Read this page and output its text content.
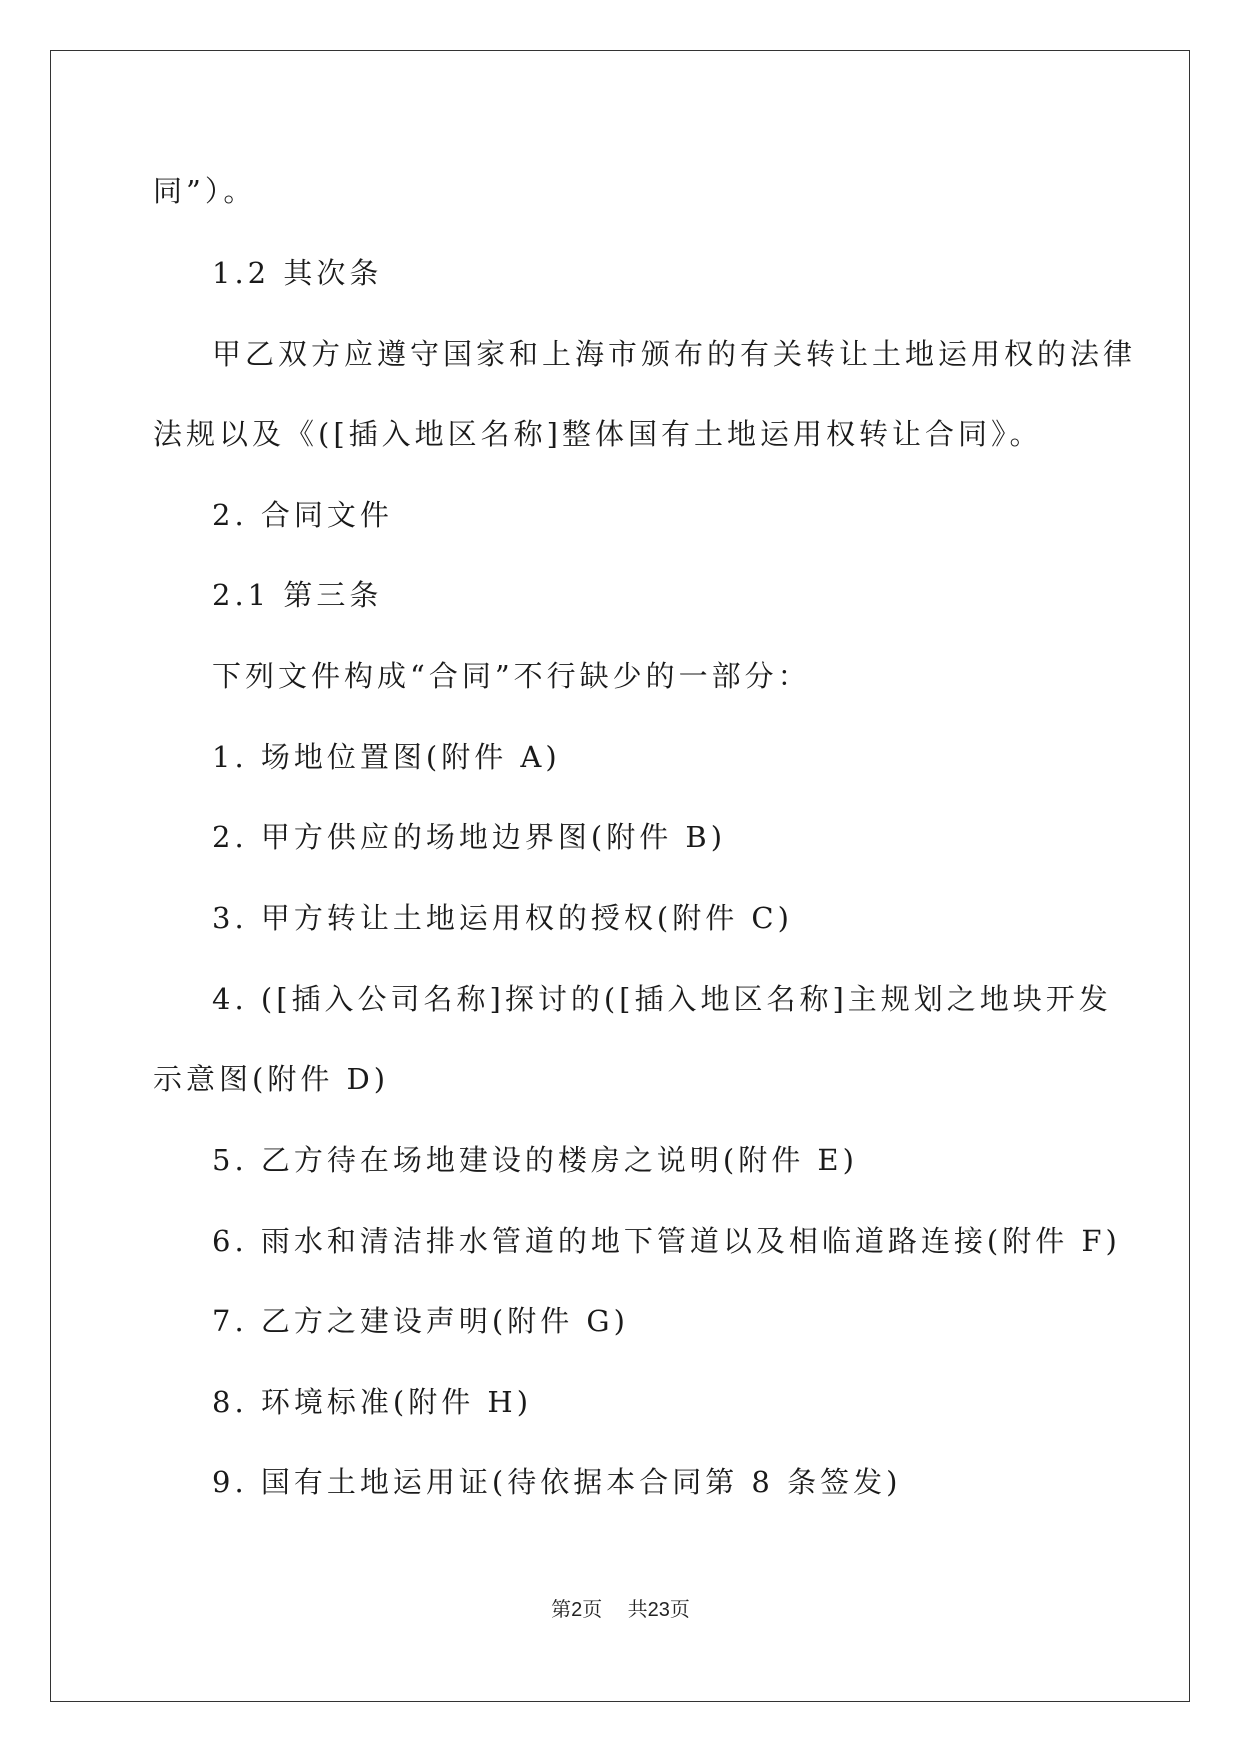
同”）。
1.2 其次条
甲乙双方应遵守国家和上海市颁布的有关转让土地运用权的法律
法规以及《([插入地区名称]整体国有土地运用权转让合同》。
2. 合同文件
2.1 第三条
下列文件构成“合同”不行缺少的一部分：
1. 场地位置图(附件 A)
2. 甲方供应的场地边界图(附件 B)
3. 甲方转让土地运用权的授权(附件 C)
4. ([插入公司名称]探讨的([插入地区名称]主规划之地块开发
示意图(附件 D)
5. 乙方待在场地建设的楼房之说明(附件 E)
6. 雨水和清洁排水管道的地下管道以及相临道路连接(附件 F)
7. 乙方之建设声明(附件 G)
8. 环境标准(附件 H)
9. 国有土地运用证(待依据本合同第 8 条签发)
第2页 共23页
